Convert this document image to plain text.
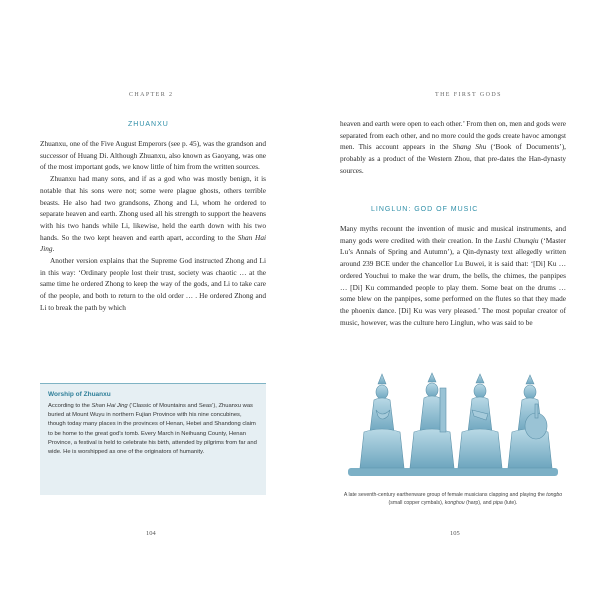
CHAPTER 2
ZHUANXU

Zhuanxu, one of the Five August Emperors (see p. 45), was the grandson and successor of Huang Di. Although Zhuanxu, also known as Gaoyang, was one of the most important gods, we know little of him from the written sources.

Zhuanxu had many sons, and if as a god who was mostly benign, it is notable that his sons were not; some were plague ghosts, others terrible beasts. He also had two grandsons, Zhong and Li, whom he ordered to separate heaven and earth. Zhong used all his strength to support the heavens with his two hands while Li, likewise, held the earth down with his two hands. So the two kept heaven and earth apart, according to the Shan Hai Jing.

Another version explains that the Supreme God instructed Zhong and Li in this way: ‘Ordinary people lost their trust, society was chaotic … at the same time he ordered Zhong to keep the way of the gods, and Li to take care of the people, and both to return to the old order … . He ordered Zhong and Li to break the path by which

Worship of Zhuanxu
According to the Shan Hai Jing (‘Classic of Mountains and Seas’), Zhuanxu was buried at Mount Wuyu in northern Fujian Province with his nine concubines, though today many places in the provinces of Henan, Hebei and Shandong claim to be home to the great god’s tomb. Every March in Neihuang County, Henan Province, a festival is held to celebrate his birth, attended by pilgrims from far and wide. He is worshipped as one of the originators of humanity.
104
THE FIRST GODS

heaven and earth were open to each other.’ From then on, men and gods were separated from each other, and no more could the gods create havoc amongst men. This account appears in the Shang Shu (‘Book of Documents’), probably as a product of the Western Zhou, that pre-dates the Han-dynasty sources.

LINGLUN: GOD OF MUSIC

Many myths recount the invention of music and musical instruments, and many gods were credited with their creation. In the Lushi Chunqiu (‘Master Lu’s Annals of Spring and Autumn’), a Qin-dynasty text allegedly written around 239 BCE under the chancellor Lu Buwei, it is said that: ‘[Di] Ku … ordered Youchui to make the war drum, the bells, the chimes, the panpipes … [Di] Ku commanded people to play them. Some beat on the drums … some blew on the panpipes, some performed on the flutes so that they made the phoenix dance. [Di] Ku was very pleased.’ The most popular creator of music, however, was the culture hero Linglun, who was said to be

A late seventh-century earthenware group of female musicians clapping and playing the tongbo (small copper cymbals), konghou (harp), and pipa (lute).
105
